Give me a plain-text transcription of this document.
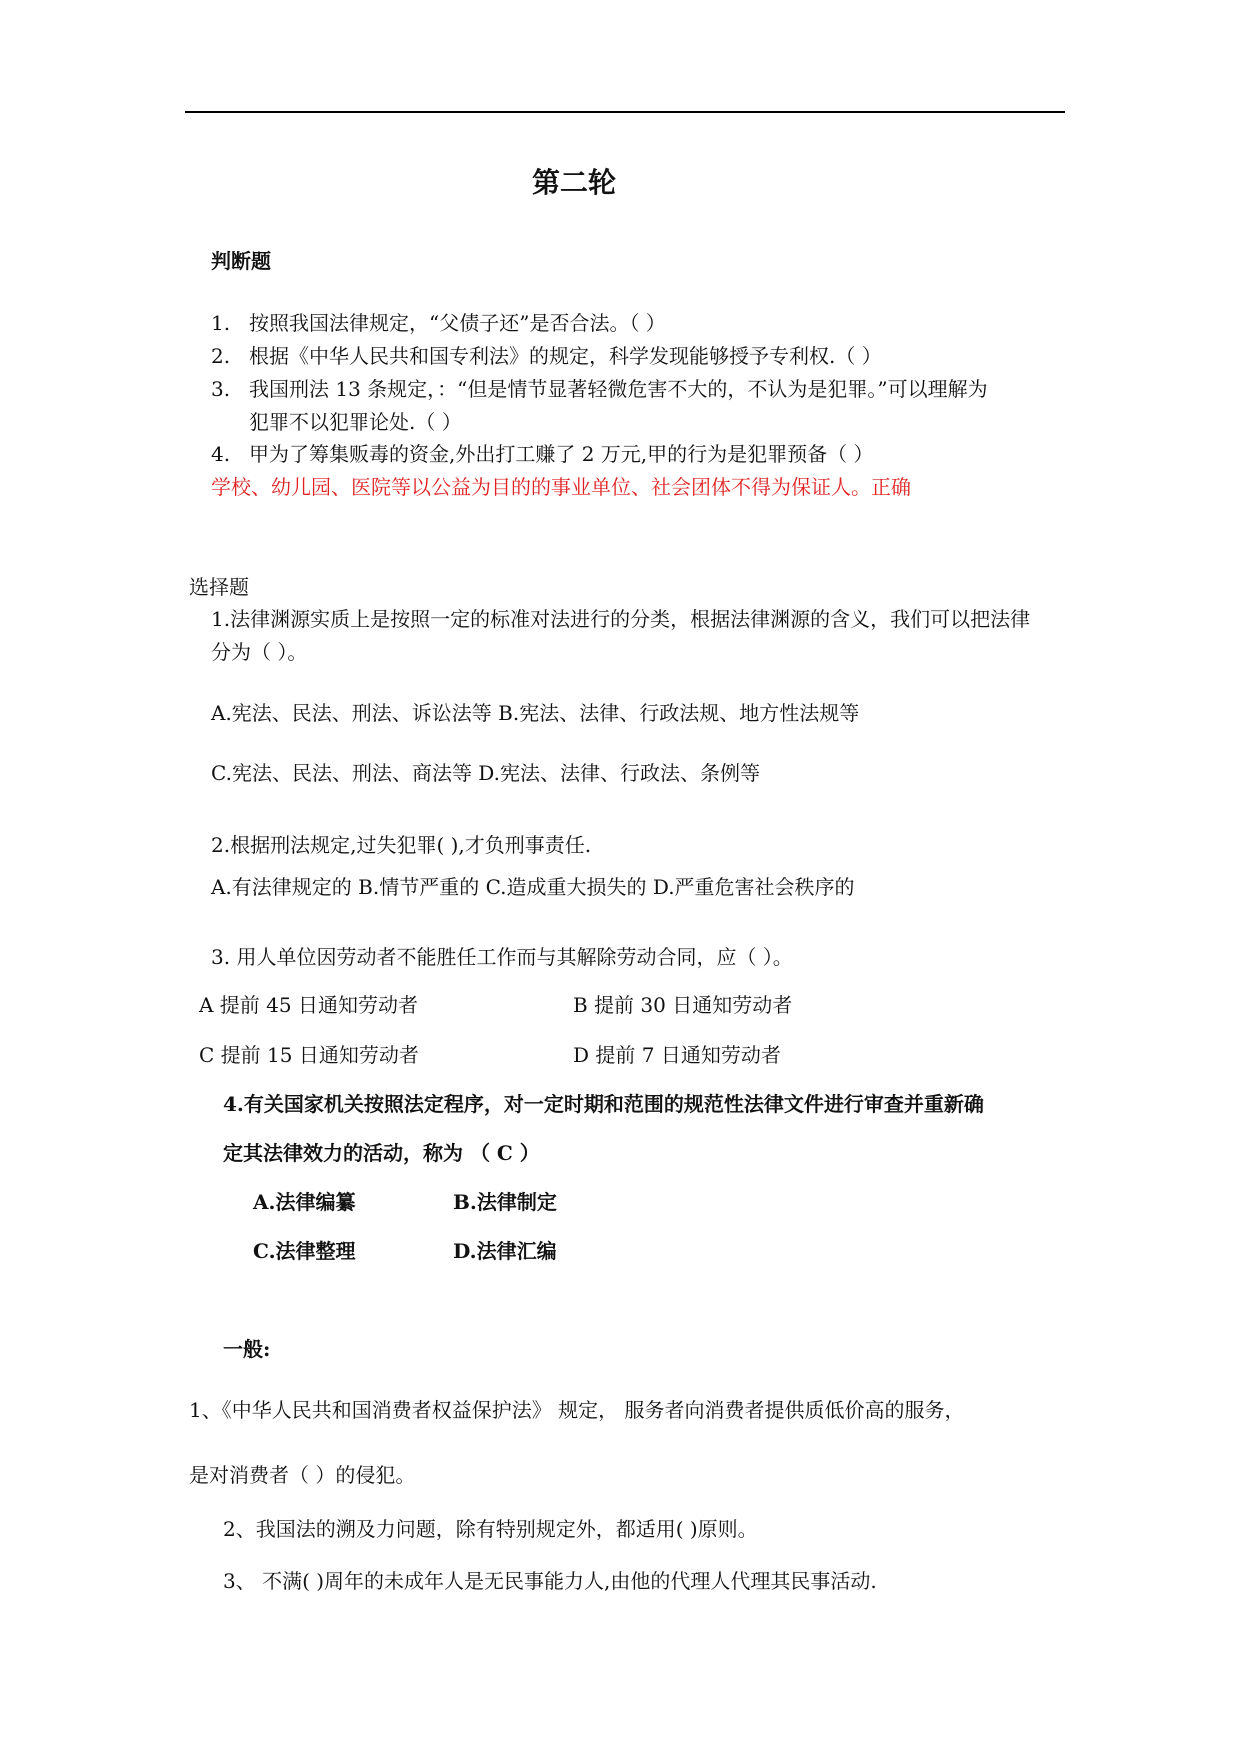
第二轮
判断题
1. 按照我国法律规定，“父债子还”是否合法。（ ）
2. 根据《中华人民共和国专利法》的规定，科学发现能够授予专利权.（ ）
3. 我国刑法 13 条规定，：“但是情节显著轻微危害不大的，不认为是犯罪。”可以理解为
犯罪不以犯罪论处.（ ）
4. 甲为了筹集贩毒的资金,外出打工赚了 2 万元,甲的行为是犯罪预备（ ）
学校、幼儿园、医院等以公益为目的的事业单位、社会团体不得为保证人。正确
选择题
1.法律渊源实质上是按照一定的标准对法进行的分类，根据法律渊源的含义，我们可以把法律
分为（ ）。
A.宪法、民法、刑法、诉讼法等 B.宪法、法律、行政法规、地方性法规等
C.宪法、民法、刑法、商法等 D.宪法、法律、行政法、条例等
2.根据刑法规定,过失犯罪( ),才负刑事责任.
A.有法律规定的 B.情节严重的 C.造成重大损失的 D.严重危害社会秩序的
3. 用人单位因劳动者不能胜任工作而与其解除劳动合同，应（ ）。
A 提前 45 日通知劳动者	B 提前 30 日通知劳动者
C 提前 15 日通知劳动者	D 提前 7 日通知劳动者
4.有关国家机关按照法定程序，对一定时期和范围的规范性法律文件进行审查并重新确
定其法律效力的活动，称为 （ C ）
A.法律编纂	B.法律制定
C.法律整理	D.法律汇编
一般:
1、《中华人民共和国消费者权益保护法》 规定， 服务者向消费者提供质低价高的服务，
是对消费者（ ）的侵犯。
2、我国法的溯及力问题，除有特别规定外，都适用( )原则。
3、 不满( )周年的未成年人是无民事能力人,由他的代理人代理其民事活动.
